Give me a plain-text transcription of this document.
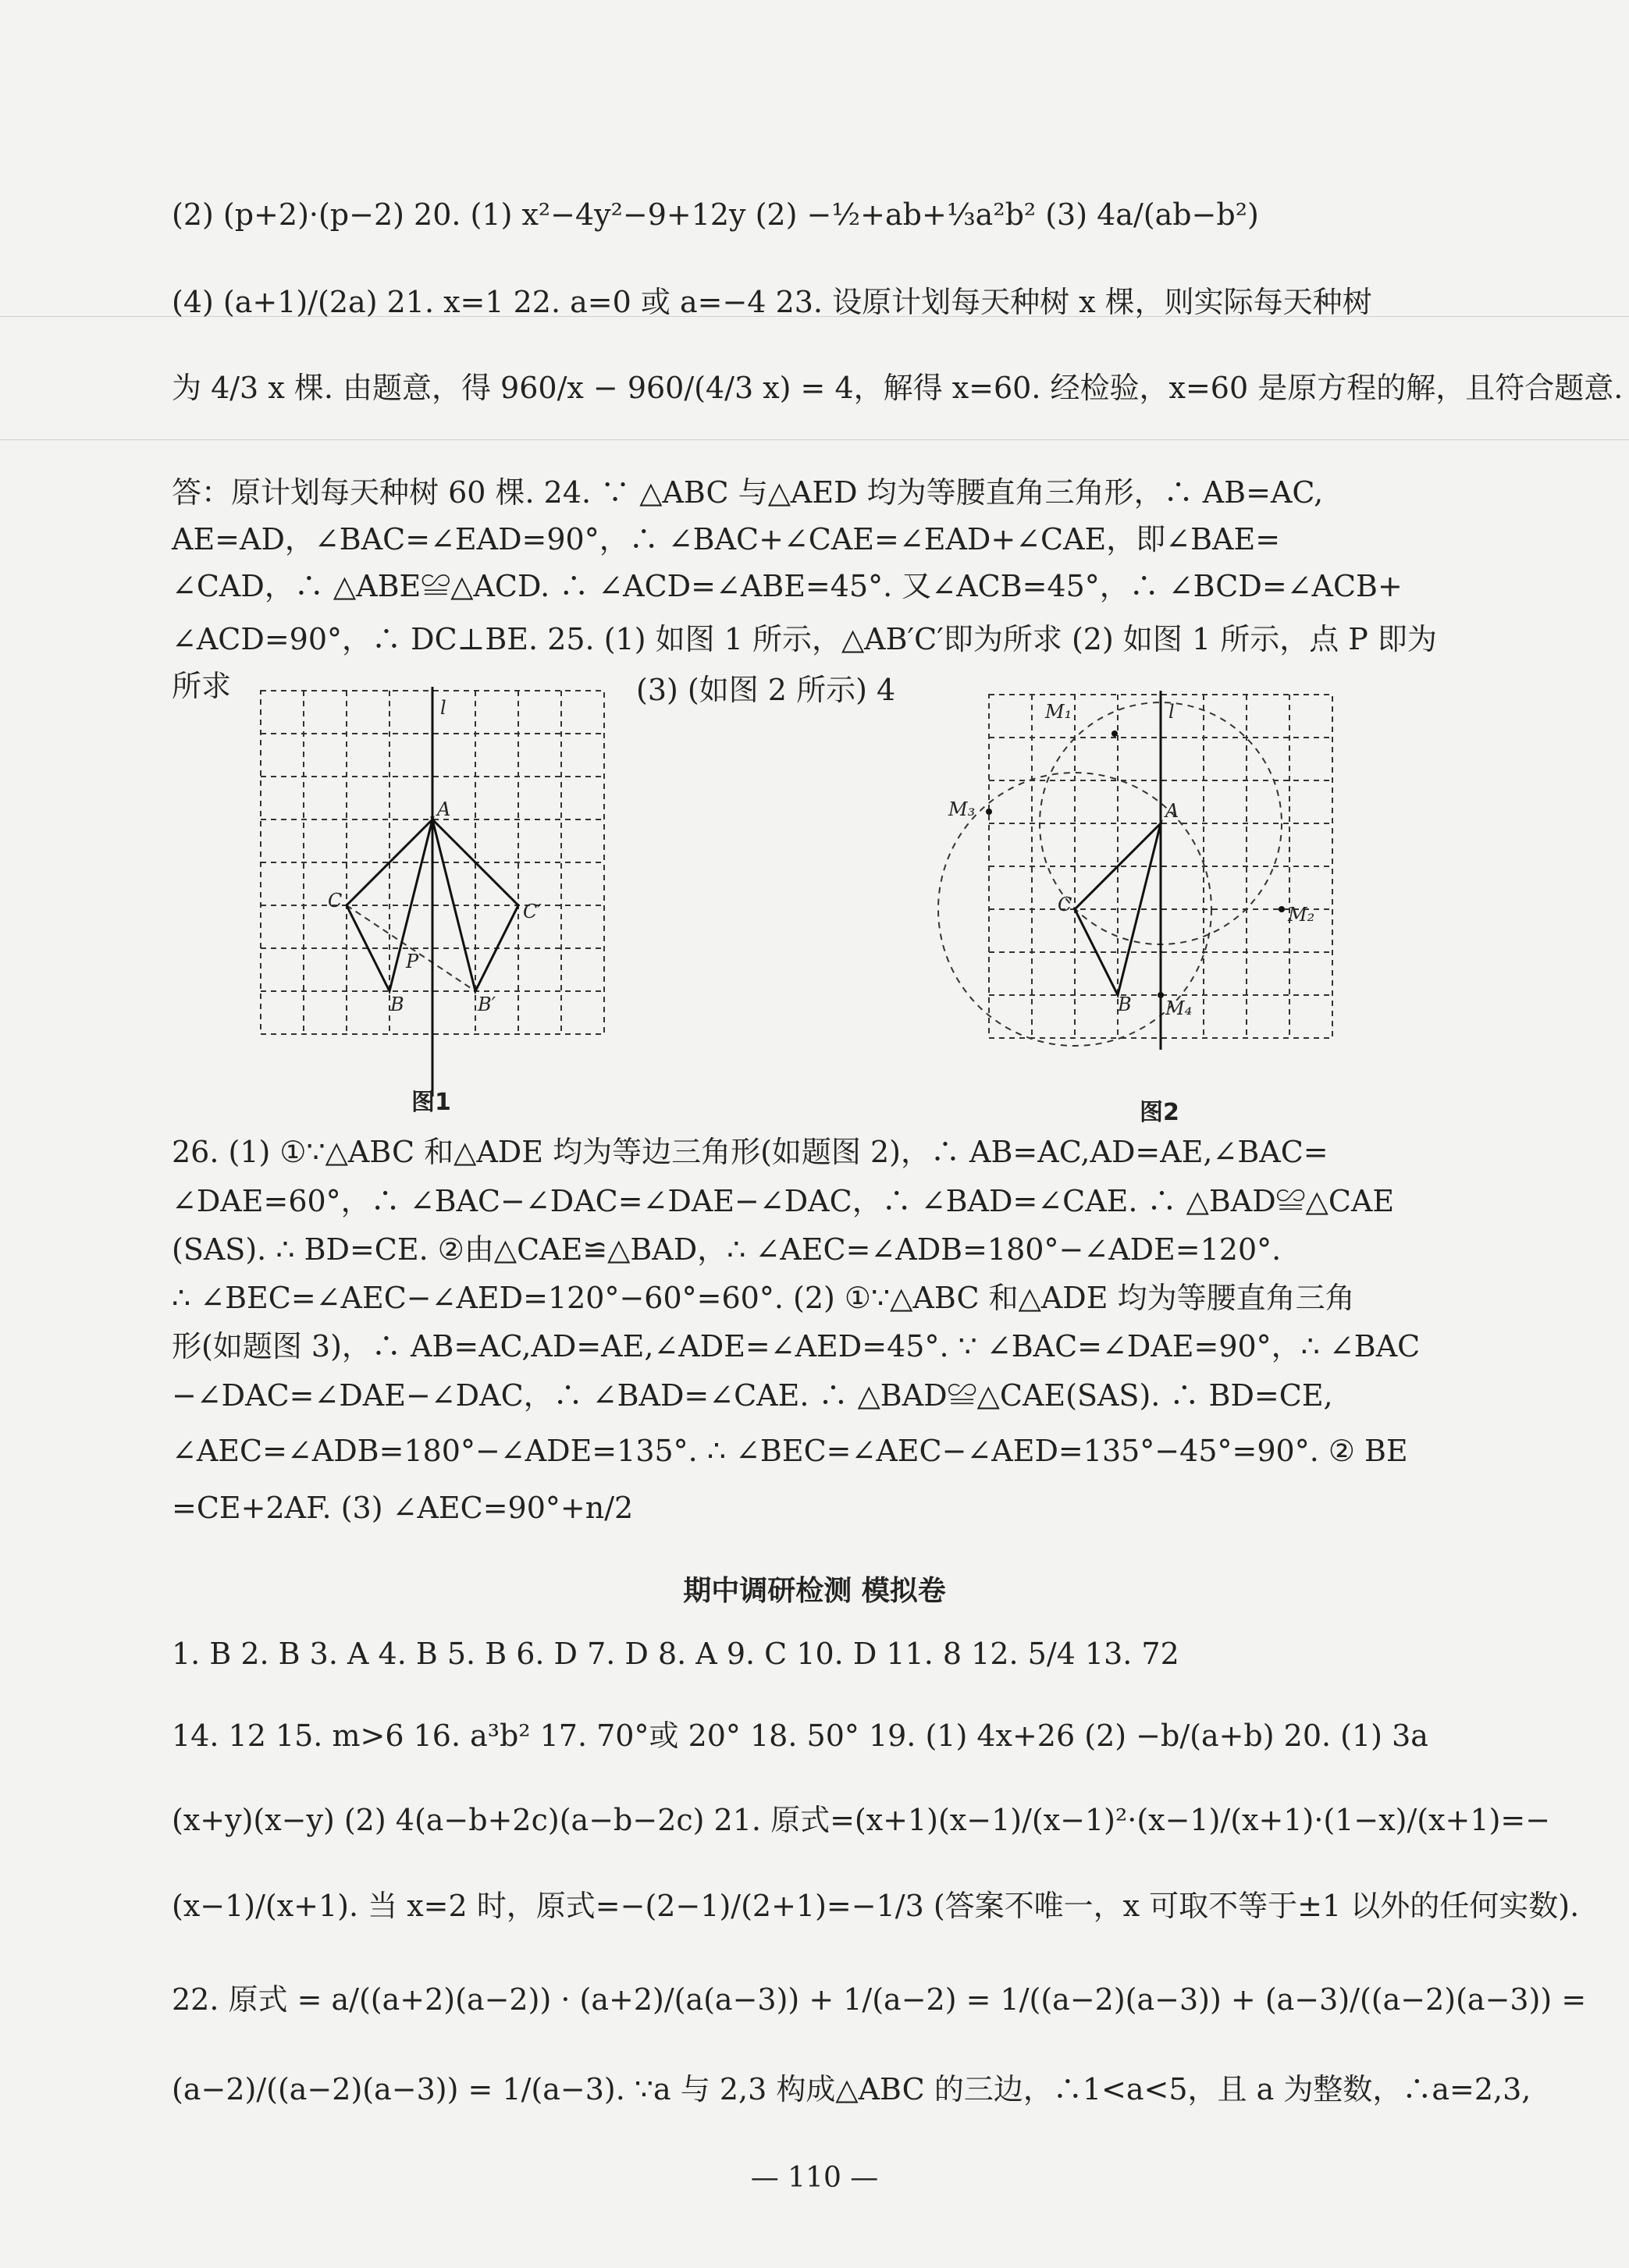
(2) (p+2)·(p−2) 20. (1) x²−4y²−9+12y (2) −½+ab+⅓a²b² (3) 4a/(ab−b²)
(4) (a+1)/(2a) 21. x=1 22. a=0 或 a=−4 23. 设原计划每天种树 x 棵，则实际每天种树
为 4/3 x 棵. 由题意，得 960/x − 960/(4/3 x) = 4，解得 x=60. 经检验，x=60 是原方程的解，且符合题意.
答：原计划每天种树 60 棵. 24. ∵ △ABC 与△AED 均为等腰直角三角形，∴ AB=AC,
AE=AD，∠BAC=∠EAD=90°，∴ ∠BAC+∠CAE=∠EAD+∠CAE，即∠BAE=
∠CAD，∴ △ABE≌△ACD. ∴ ∠ACD=∠ABE=45°. 又∠ACB=45°，∴ ∠BCD=∠ACB+
∠ACD=90°，∴ DC⊥BE. 25. (1) 如图 1 所示，△AB′C′即为所求 (2) 如图 1 所示，点 P 即为
所求	(3) (如图 2 所示) 4
l
A
C	C′
B	B′
P
图1
l
A
C
B
M₁
M₂
M₃
M₄
图2
26. (1) ①∵△ABC 和△ADE 均为等边三角形(如题图 2)，∴ AB=AC,AD=AE,∠BAC=
∠DAE=60°，∴ ∠BAC−∠DAC=∠DAE−∠DAC，∴ ∠BAD=∠CAE. ∴ △BAD≌△CAE
(SAS). ∴ BD=CE. ②由△CAE≌△BAD，∴ ∠AEC=∠ADB=180°−∠ADE=120°.
∴ ∠BEC=∠AEC−∠AED=120°−60°=60°. (2) ①∵△ABC 和△ADE 均为等腰直角三角
形(如题图 3)，∴ AB=AC,AD=AE,∠ADE=∠AED=45°. ∵ ∠BAC=∠DAE=90°，∴ ∠BAC
−∠DAC=∠DAE−∠DAC，∴ ∠BAD=∠CAE. ∴ △BAD≌△CAE(SAS). ∴ BD=CE,
∠AEC=∠ADB=180°−∠ADE=135°. ∴ ∠BEC=∠AEC−∠AED=135°−45°=90°. ② BE
=CE+2AF. (3) ∠AEC=90°+n/2
期中调研检测 模拟卷
1. B 2. B 3. A 4. B 5. B 6. D 7. D 8. A 9. C 10. D 11. 8 12. 5/4 13. 72
14. 12 15. m>6 16. a³b² 17. 70°或 20° 18. 50° 19. (1) 4x+26 (2) −b/(a+b) 20. (1) 3a
(x+y)(x−y) (2) 4(a−b+2c)(a−b−2c) 21. 原式=(x+1)(x−1)/(x−1)²·(x−1)/(x+1)·(1−x)/(x+1)=−
(x−1)/(x+1). 当 x=2 时，原式=−(2−1)/(2+1)=−1/3 (答案不唯一，x 可取不等于±1 以外的任何实数).
22. 原式 = a/((a+2)(a−2)) · (a+2)/(a(a−3)) + 1/(a−2) = 1/((a−2)(a−3)) + (a−3)/((a−2)(a−3)) =
(a−2)/((a−2)(a−3)) = 1/(a−3). ∵a 与 2,3 构成△ABC 的三边，∴1<a<5，且 a 为整数，∴a=2,3,
— 110 —
